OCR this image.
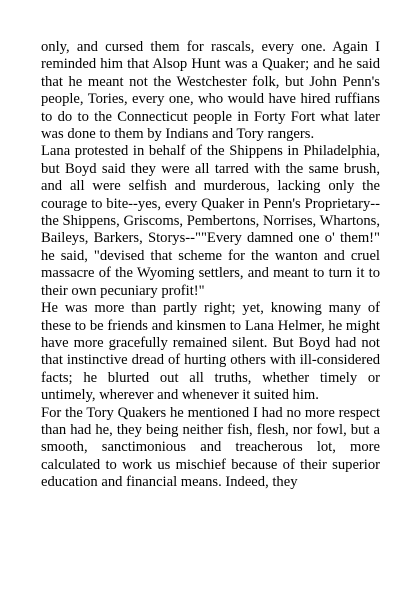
only, and cursed them for rascals, every one. Again I reminded him that Alsop Hunt was a Quaker; and he said that he meant not the Westchester folk, but John Penn's people, Tories, every one, who would have hired ruffians to do to the Connecticut people in Forty Fort what later was done to them by Indians and Tory rangers.

Lana protested in behalf of the Shippens in Philadelphia, but Boyd said they were all tarred with the same brush, and all were selfish and murderous, lacking only the courage to bite--yes, every Quaker in Penn's Proprietary--the Shippens, Griscoms, Pembertons, Norrises, Whartons, Baileys, Barkers, Storys--""Every damned one o' them!" he said, "devised that scheme for the wanton and cruel massacre of the Wyoming settlers, and meant to turn it to their own pecuniary profit!"

He was more than partly right; yet, knowing many of these to be friends and kinsmen to Lana Helmer, he might have more gracefully remained silent. But Boyd had not that instinctive dread of hurting others with ill-considered facts; he blurted out all truths, whether timely or untimely, wherever and whenever it suited him.

For the Tory Quakers he mentioned I had no more respect than had he, they being neither fish, flesh, nor fowl, but a smooth, sanctimonious and treacherous lot, more calculated to work us mischief because of their superior education and financial means. Indeed, they
